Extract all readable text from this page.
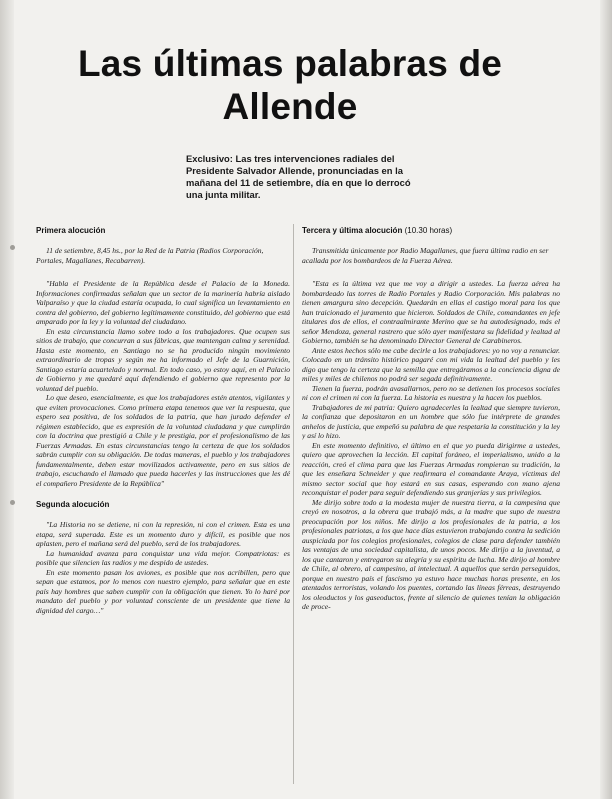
Las últimas palabras de Allende

Exclusivo: Las tres intervenciones radiales del Presidente Salvador Allende, pronunciadas en la mañana del 11 de setiembre, día en que lo derrocó una junta militar.

Primera alocución

11 de setiembre, 8,45 hs., por la Red de la Patria (Radios Corporación, Portales, Magallanes, Recabarren).

"Habla el Presidente de la República desde el Palacio de la Moneda. Informaciones confirmadas señalan que un sector de la marinería habría aislado Valparaíso y que la ciudad estaría ocupada, lo cual significa un levantamiento en contra del gobierno, del gobierno legítimamente constituido, del gobierno que está amparado por la ley y la voluntad del ciudadano.

En esta circunstancia llamo sobre todo a los trabajadores. Que ocupen sus sitios de trabajo, que concurran a sus fábricas, que mantengan calma y serenidad. Hasta este momento, en Santiago no se ha producido ningún movimiento extraordinario de tropas y según me ha informado el Jefe de la Guarnición, Santiago estaría acuartelado y normal. En todo caso, yo estoy aquí, en el Palacio de Gobierno y me quedaré aquí defendiendo el gobierno que represento por la voluntad del pueblo.

Lo que deseo, esencialmente, es que los trabajadores estén atentos, vigilantes y que eviten provocaciones. Como primera etapa tenemos que ver la respuesta, que espero sea positiva, de los soldados de la patria, que han jurado defender el régimen establecido, que es expresión de la voluntad ciudadana y que cumplirán con la doctrina que prestigió a Chile y le prestigia, por el profesionalismo de las Fuerzas Armadas. En estas circunstancias tengo la certeza de que los soldados sabrán cumplir con su obligación. De todas maneras, el pueblo y los trabajadores fundamentalmente, deben estar movilizados activamente, pero en sus sitios de trabajo, escuchando el llamado que pueda hacerles y las instrucciones que les dé el compañero Presidente de la República"

Segunda alocución

"La Historia no se detiene, ni con la represión, ni con el crimen. Esta es una etapa, será superada. Este es un momento duro y difícil, es posible que nos aplasten, pero el mañana será del pueblo, será de los trabajadores.

La humanidad avanza para conquistar una vida mejor. Compatriotas: es posible que silencien las radios y me despido de ustedes.

En este momento pasan los aviones, es posible que nos acribillen, pero que sepan que estamos, por lo menos con nuestro ejemplo, para señalar que en este país hay hombres que saben cumplir con la obligación que tienen. Yo lo haré por mandato del pueblo y por voluntad consciente de un presidente que tiene la dignidad del cargo…"

Tercera y última alocución (10.30 horas)

Transmitida únicamente por Radio Magallanes, que fuera última radio en ser acallada por los bombardeos de la Fuerza Aérea.

"Esta es la última vez que me voy a dirigir a ustedes. La fuerza aérea ha bombardeado las torres de Radio Portales y Radio Corporación. Mis palabras no tienen amargura sino decepción. Quedarán en ellas el castigo moral para los que han traicionado el juramento que hicieron. Soldados de Chile, comandantes en jefe titulares dos de ellos, el contraalmirante Merino que se ha autodesignado, más el señor Mendoza, general rastrero que sólo ayer manifestara su fidelidad y lealtad al Gobierno, también se ha denominado Director General de Carabineros.

Ante estos hechos sólo me cabe decirle a los trabajadores: yo no voy a renunciar. Colocado en un tránsito histórico pagaré con mi vida la lealtad del pueblo y les digo que tengo la certeza que la semilla que entregáramos a la conciencia digna de miles y miles de chilenos no podrá ser segada definitivamente.

Tienen la fuerza, podrán avasallarnos, pero no se detienen los procesos sociales ni con el crimen ni con la fuerza. La historia es nuestra y la hacen los pueblos.

Trabajadores de mi patria: Quiero agradecerles la lealtad que siempre tuvieron, la confianza que depositaron en un hombre que sólo fue intérprete de grandes anhelos de justicia, que empeñó su palabra de que respetaría la constitución y la ley y así lo hizo.

En este momento definitivo, el último en el que yo pueda dirigirme a ustedes, quiero que aprovechen la lección. El capital foráneo, el imperialismo, unido a la reacción, creó el clima para que las Fuerzas Armadas rompieran su tradición, la que les enseñara Schneider y que reafirmara el comandante Araya, víctimas del mismo sector social que hoy estará en sus casas, esperando con mano ajena reconquistar el poder para seguir defendiendo sus granjerías y sus privilegios.

Me dirijo sobre todo a la modesta mujer de nuestra tierra, a la campesina que creyó en nosotros, a la obrera que trabajó más, a la madre que supo de nuestra preocupación por los niños. Me dirijo a los profesionales de la patria, a los profesionales patriotas, a los que hace días estuvieron trabajando contra la sedición auspiciada por los colegios profesionales, colegios de clase para defender también las ventajas de una sociedad capitalista, de unos pocos. Me dirijo a la juventud, a los que cantaron y entregaron su alegría y su espíritu de lucha. Me dirijo al hombre de Chile, al obrero, al campesino, al intelectual. A aquellos que serán perseguidos, porque en nuestro país el fascismo ya estuvo hace muchas horas presente, en los atentados terroristas, volando los puentes, cortando las líneas férreas, destruyendo los oleoductos y los gaseoductos, frente al silencio de quienes tenían la obligación de proce-
